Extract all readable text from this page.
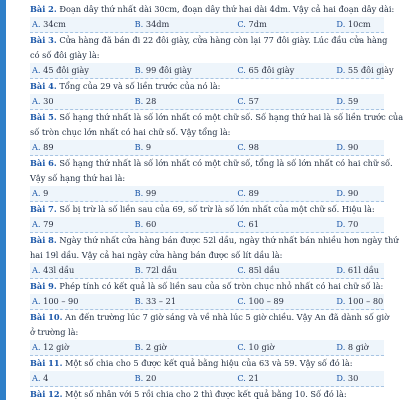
Bài 2. Đoạn dây thứ nhất dài 30cm, đoạn dây thứ hai dài 4dm. Vậy cả hai đoạn dây dài:
A. 34cm	B. 34dm	C. 7dm	D. 10cm
Bài 3. Cửa hàng đã bán đi 22 đôi giày, cửa hàng còn lại 77 đôi giày. Lúc đầu cửa hàng
có số đôi giày là:
A. 45 đôi giày	B. 99 đôi giày	C. 65 đôi giày	D. 55 đôi giày
Bài 4. Tổng của 29 và số liền trước của nó là:
A. 30	B. 28	C. 57	D. 59
Bài 5. Số hạng thứ nhất là số lớn nhất có một chữ số. Số hạng thứ hai là số liền trước của
số tròn chục lớn nhất có hai chữ số. Vậy tổng là:
A. 89	B. 9	C. 98	D. 90
Bài 6. Số hạng thứ nhất là số lớn nhất có một chữ số, tổng là số lớn nhất có hai chữ số.
Vậy số hạng thứ hai là:
A. 9	B. 99	C. 89	D. 90
Bài 7. Số bị trừ là số liền sau của 69, số trừ là số lớn nhất của một chữ số. Hiệu là:
A. 79	B. 60	C. 61	D. 70
Bài 8. Ngày thứ nhất cửa hàng bán được 52l dầu, ngày thứ nhất bán nhiều hơn ngày thứ
hai 19l dầu. Vậy cả hai ngày cửa hàng bán được số lít dầu là:
A. 43l dầu	B. 72l dầu	C. 85l dầu	D. 61l dầu
Bài 9. Phép tính có kết quả là số liền sau của số tròn chục nhỏ nhất có hai chữ số là:
A. 100 – 90	B. 33 – 21	C. 100 – 89	D. 100 – 80
Bài 10. An đến trường lúc 7 giờ sáng và về nhà lúc 5 giờ chiều. Vậy An đã dành số giờ
ở trường là:
A. 12 giờ	B. 2 giờ	C. 10 giờ	D. 8 giờ
Bài 11. Một số chia cho 5 được kết quả bằng hiệu của 63 và 59. Vậy số đó là:
A. 4	B. 20	C. 21	D. 30
Bài 12. Một số nhân với 5 rồi chia cho 2 thì được kết quả bằng 10. Số đó là:
